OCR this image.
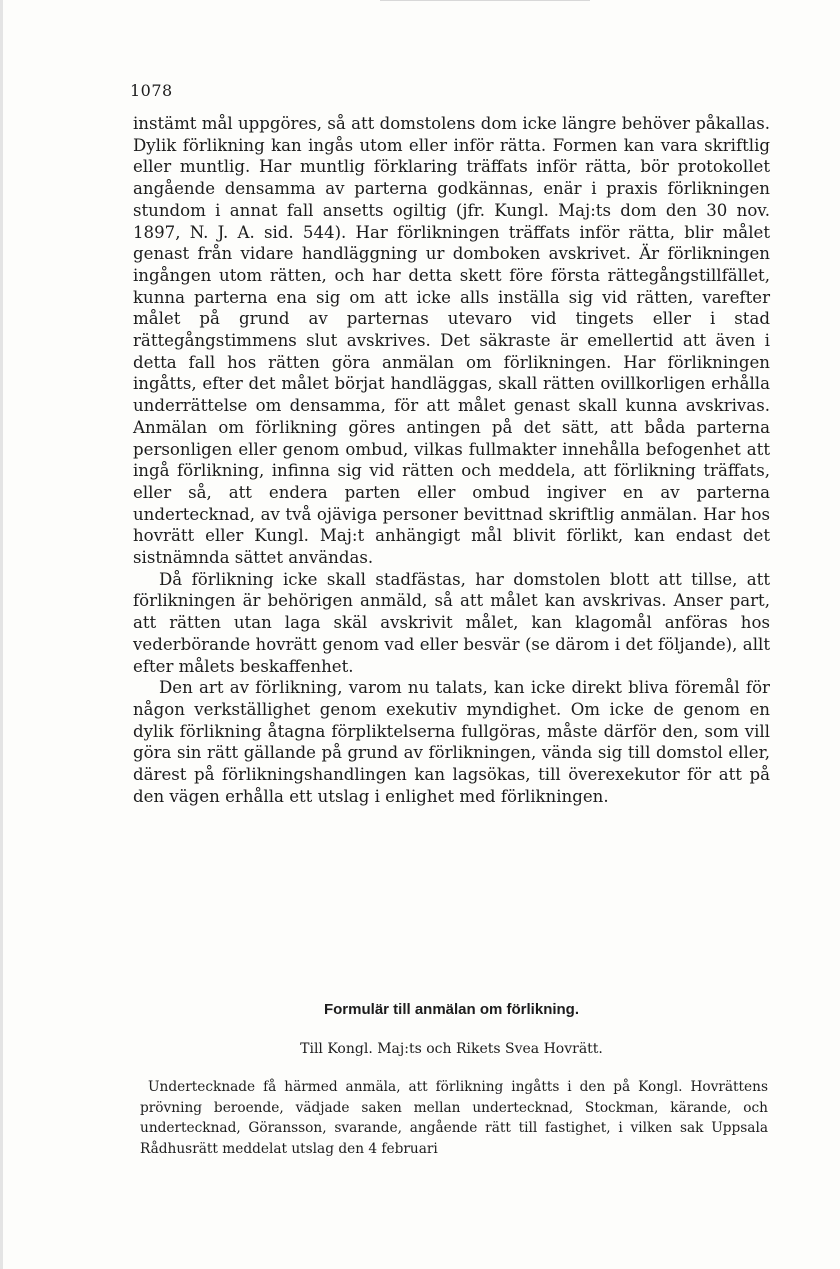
1078

instämt mål uppgöres, så att domstolens dom icke längre behöver påkallas. Dylik förlikning kan ingås utom eller inför rätta. Formen kan vara skriftlig eller muntlig. Har muntlig förklaring träffats inför rätta, bör protokollet angående densamma av parterna godkännas, enär i praxis förlikningen stundom i annat fall ansetts ogiltig (jfr. Kungl. Maj:ts dom den 30 nov. 1897, N. J. A. sid. 544). Har förlikningen träffats inför rätta, blir målet genast från vidare handläggning ur domboken avskrivet. Är förlikningen ingången utom rätten, och har detta skett före första rättegångstillfället, kunna parterna ena sig om att icke alls inställa sig vid rätten, varefter målet på grund av parternas utevaro vid tingets eller i stad rättegångstimmens slut avskrives. Det säkraste är emellertid att även i detta fall hos rätten göra anmälan om förlikningen. Har förlikningen ingåtts, efter det målet börjat handläggas, skall rätten ovillkorligen erhålla underrättelse om densamma, för att målet genast skall kunna avskrivas. Anmälan om förlikning göres antingen på det sätt, att båda parterna personligen eller genom ombud, vilkas fullmakter innehålla befogenhet att ingå förlikning, infinna sig vid rätten och meddela, att förlikning träffats, eller så, att endera parten eller ombud ingiver en av parterna undertecknad, av två ojäviga personer bevittnad skriftlig anmälan. Har hos hovrätt eller Kungl. Maj:t anhängigt mål blivit förlikt, kan endast det sistnämnda sättet användas.

Då förlikning icke skall stadfästas, har domstolen blott att tillse, att förlikningen är behörigen anmäld, så att målet kan avskrivas. Anser part, att rätten utan laga skäl avskrivit målet, kan klagomål anföras hos vederbörande hovrätt genom vad eller besvär (se därom i det följande), allt efter målets beskaffenhet.

Den art av förlikning, varom nu talats, kan icke direkt bliva föremål för någon verkställighet genom exekutiv myndighet. Om icke de genom en dylik förlikning åtagna förpliktelserna fullgöras, måste därför den, som vill göra sin rätt gällande på grund av förlikningen, vända sig till domstol eller, därest på förlikningshandlingen kan lagsökas, till överexekutor för att på den vägen erhålla ett utslag i enlighet med förlikningen.

Formulär till anmälan om förlikning.
Till Kongl. Maj:ts och Rikets Svea Hovrätt.

Undertecknade få härmed anmäla, att förlikning ingåtts i den på Kongl. Hovrättens prövning beroende, vädjade saken mellan undertecknad, Stockman, kärande, och undertecknad, Göransson, svarande, angående rätt till fastighet, i vilken sak Uppsala Rådhusrätt meddelat utslag den 4 februari
